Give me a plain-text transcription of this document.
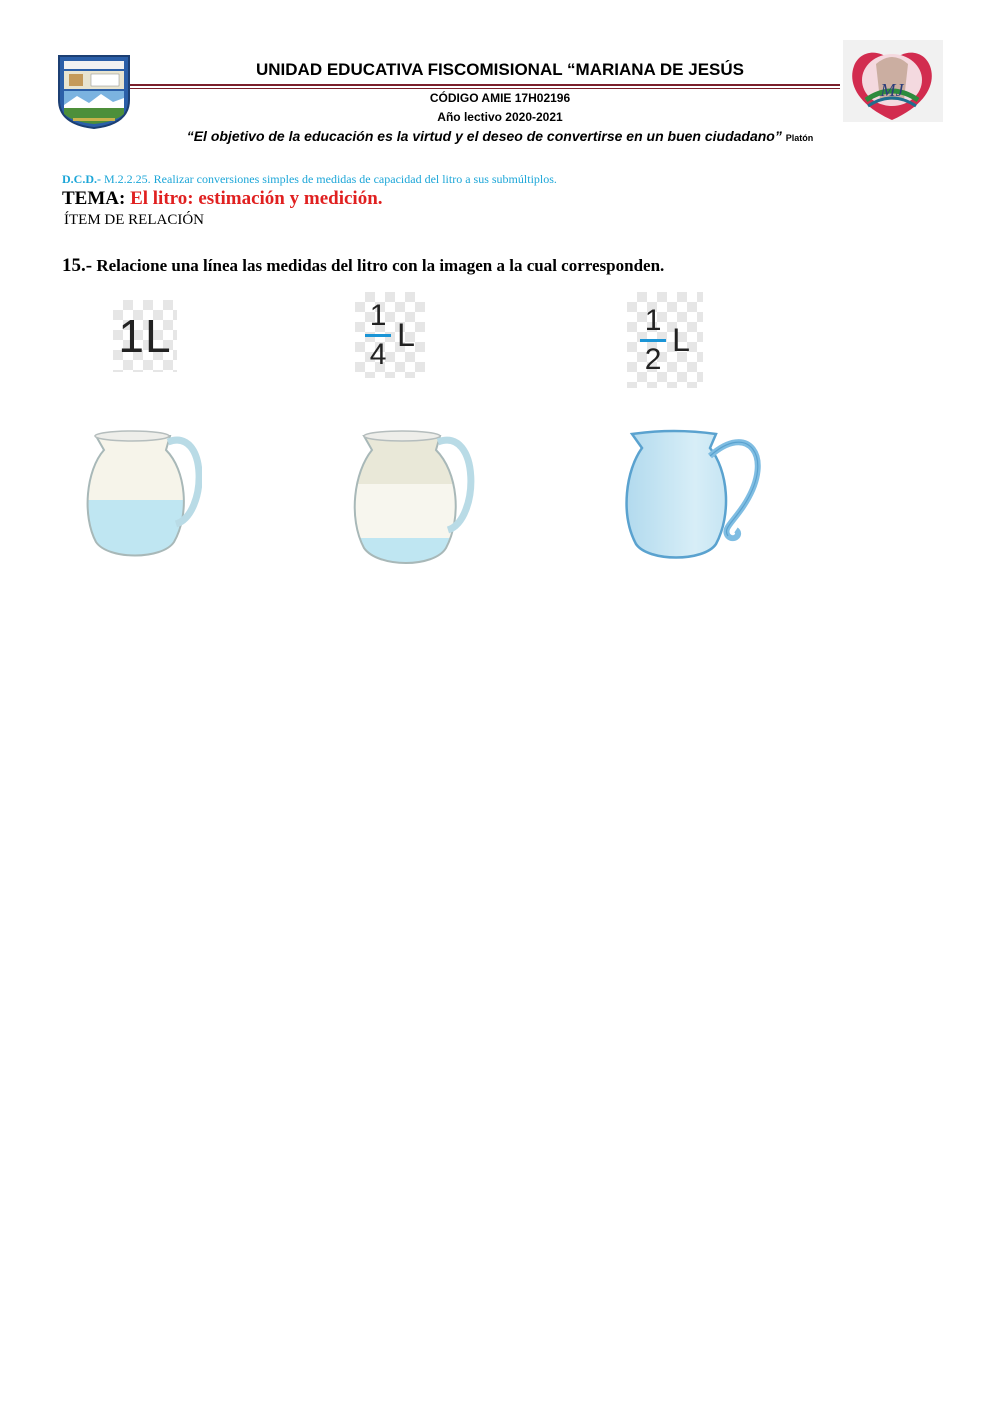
MJ
UNIDAD EDUCATIVA FISCOMISIONAL “MARIANA DE JESÚS
CÓDIGO AMIE 17H02196
Año lectivo 2020-2021
“El objetivo de la educación es la virtud y el deseo de convertirse en un buen ciudadano” Platón
D.C.D.- M.2.2.25. Realizar conversiones simples de medidas de capacidad del litro a sus submúltiplos.
TEMA: El litro: estimación y medición.
ÍTEM DE RELACIÓN
15.- Relacione una línea las medidas del litro con la imagen a la cual corresponden.
1L	$\frac{1}{4}$ L	$\frac{1}{2}$ L
